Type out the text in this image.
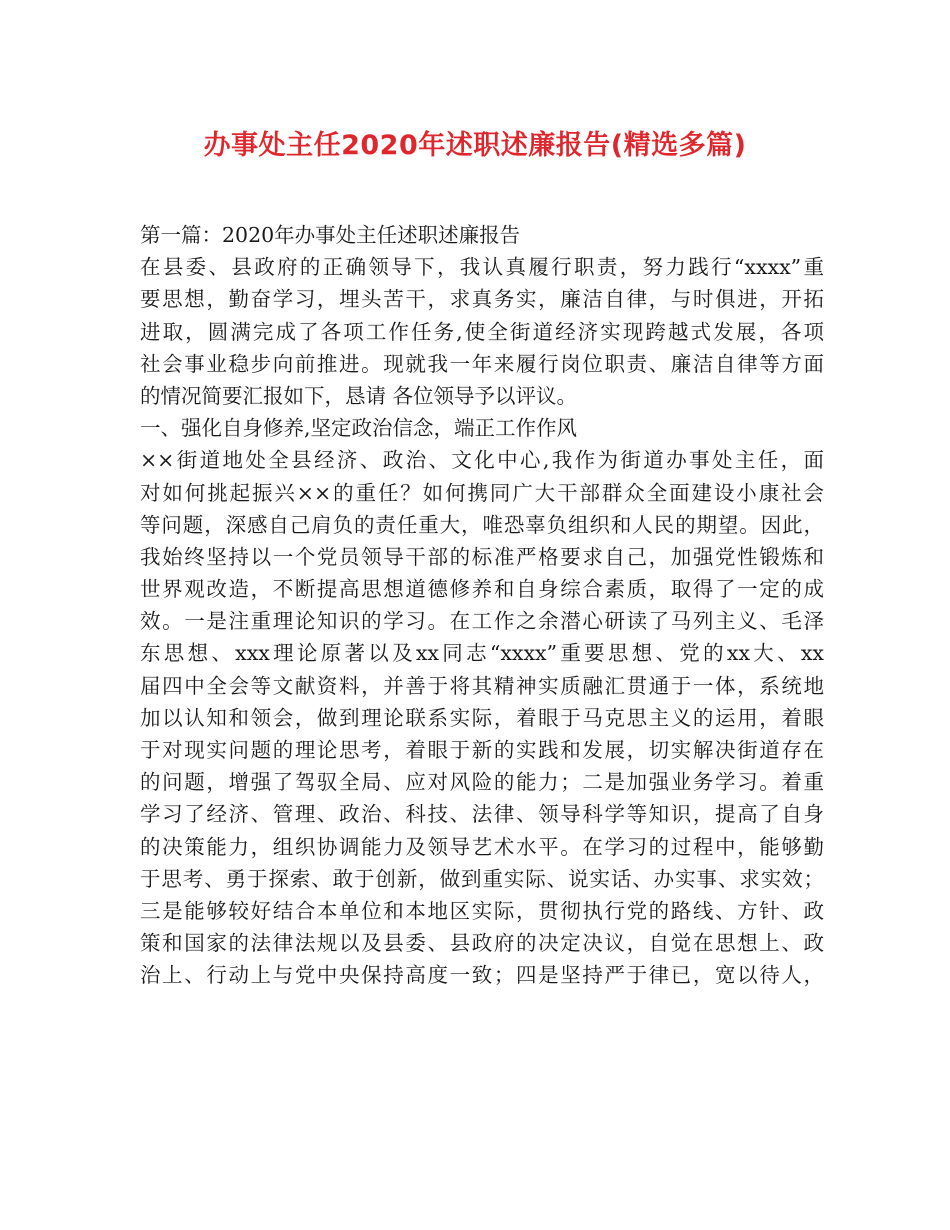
办事处主任2020年述职述廉报告(精选多篇)
第一篇：2020年办事处主任述职述廉报告
在县委、县政府的正确领导下，我认真履行职责，努力践行“xxxx”重
要思想，勤奋学习，埋头苦干，求真务实，廉洁自律，与时俱进，开拓
进取，圆满完成了各项工作任务,使全街道经济实现跨越式发展，各项
社会事业稳步向前推进。现就我一年来履行岗位职责、廉洁自律等方面
的情况简要汇报如下，恳请 各位领导予以评议。
一、强化自身修养,坚定政治信念，端正工作作风
××街道地处全县经济、政治、文化中心,我作为街道办事处主任，面
对如何挑起振兴××的重任？如何携同广大干部群众全面建设小康社会
等问题，深感自己肩负的责任重大，唯恐辜负组织和人民的期望。因此，
我始终坚持以一个党员领导干部的标准严格要求自己，加强党性锻炼和
世界观改造，不断提高思想道德修养和自身综合素质，取得了一定的成
效。一是注重理论知识的学习。在工作之余潜心研读了马列主义、毛泽
东思想、xxx理论原著以及xx同志“xxxx”重要思想、党的xx大、xx
届四中全会等文献资料，并善于将其精神实质融汇贯通于一体，系统地
加以认知和领会，做到理论联系实际，着眼于马克思主义的运用，着眼
于对现实问题的理论思考，着眼于新的实践和发展，切实解决街道存在
的问题，增强了驾驭全局、应对风险的能力；二是加强业务学习。着重
学习了经济、管理、政治、科技、法律、领导科学等知识，提高了自身
的决策能力，组织协调能力及领导艺术水平。在学习的过程中，能够勤
于思考、勇于探索、敢于创新，做到重实际、说实话、办实事、求实效；
三是能够较好结合本单位和本地区实际，贯彻执行党的路线、方针、政
策和国家的法律法规以及县委、县政府的决定决议，自觉在思想上、政
治上、行动上与党中央保持高度一致；四是坚持严于律已，宽以待人，
